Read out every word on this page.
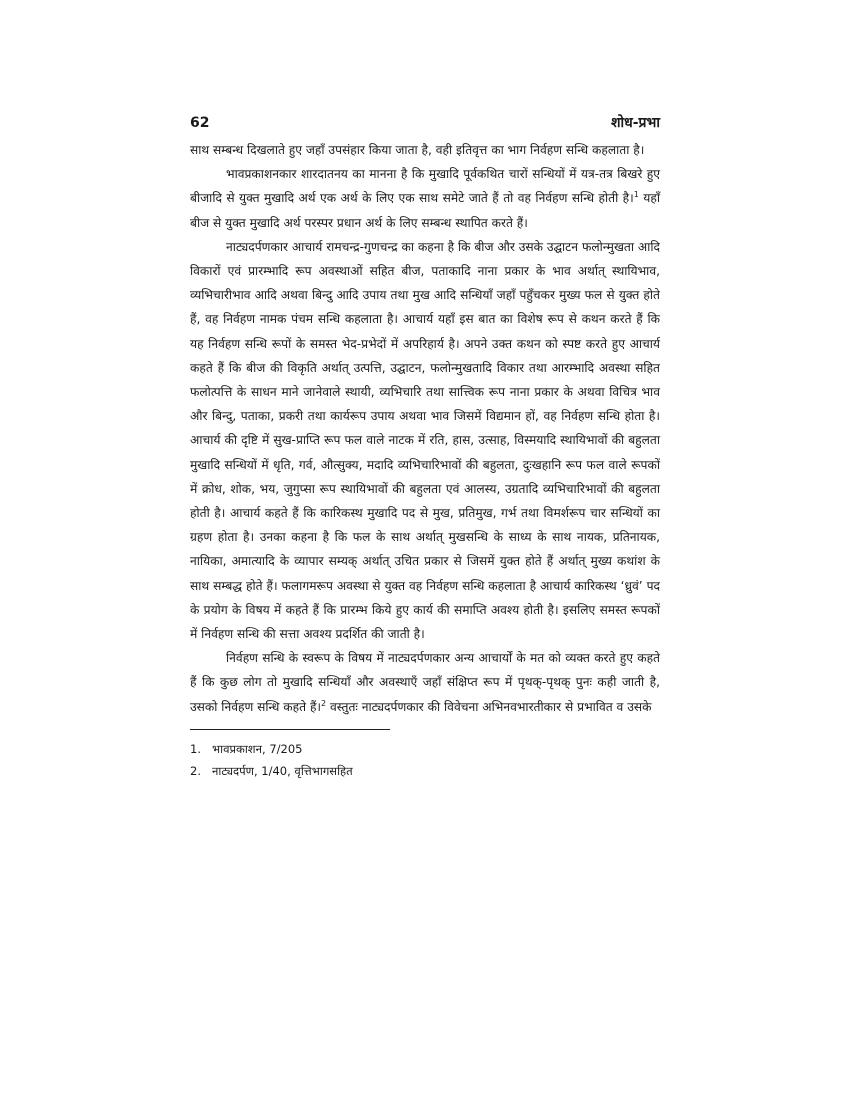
62	शोध-प्रभा

साथ सम्बन्ध दिखलाते हुए जहाँ उपसंहार किया जाता है, वही इतिवृत्त का भाग निर्वहण सन्धि कहलाता है।

भावप्रकाशनकार शारदातनय का मानना है कि मुखादि पूर्वकथित चारों सन्धियों में यत्र-तत्र बिखरे हुए बीजादि से युक्त मुखादि अर्थ एक अर्थ के लिए एक साथ समेटे जाते हैं तो वह निर्वहण सन्धि होती है।$^1$ यहाँ बीज से युक्त मुखादि अर्थ परस्पर प्रधान अर्थ के लिए सम्बन्ध स्थापित करते हैं।

नाट्यदर्पणकार आचार्य रामचन्द्र-गुणचन्द्र का कहना है कि बीज और उसके उद्घाटन फलोन्मुखता आदि विकारों एवं प्रारम्भादि रूप अवस्थाओं सहित बीज, पताकादि नाना प्रकार के भाव अर्थात् स्थायिभाव, व्यभिचारीभाव आदि अथवा बिन्दु आदि उपाय तथा मुख आदि सन्धियाँ जहाँ पहुँचकर मुख्य फल से युक्त होते हैं, वह निर्वहण नामक पंचम सन्धि कहलाता है। आचार्य यहाँ इस बात का विशेष रूप से कथन करते हैं कि यह निर्वहण सन्धि रूपों के समस्त भेद-प्रभेदों में अपरिहार्य है। अपने उक्त कथन को स्पष्ट करते हुए आचार्य कहते हैं कि बीज की विकृति अर्थात् उत्पत्ति, उद्घाटन, फलोन्मुखतादि विकार तथा आरम्भादि अवस्था सहित फलोत्पत्ति के साधन माने जानेवाले स्थायी, व्यभिचारि तथा सात्त्विक रूप नाना प्रकार के अथवा विचित्र भाव और बिन्दु, पताका, प्रकरी तथा कार्यरूप उपाय अथवा भाव जिसमें विद्यमान हों, वह निर्वहण सन्धि होता है। आचार्य की दृष्टि में सुख-प्राप्ति रूप फल वाले नाटक में रति, हास, उत्साह, विस्मयादि स्थायिभावों की बहुलता मुखादि सन्धियों में धृति, गर्व, औत्सुक्य, मदादि व्यभिचारिभावों की बहुलता, दुःखहानि रूप फल वाले रूपकों में क्रोध, शोक, भय, जुगुप्सा रूप स्थायिभावों की बहुलता एवं आलस्य, उग्रतादि व्यभिचारिभावों की बहुलता होती है। आचार्य कहते हैं कि कारिकस्थ मुखादि पद से मुख, प्रतिमुख, गर्भ तथा विमर्शरूप चार सन्धियों का ग्रहण होता है। उनका कहना है कि फल के साथ अर्थात् मुखसन्धि के साध्य के साथ नायक, प्रतिनायक, नायिका, अमात्यादि के व्यापार सम्यक् अर्थात् उचित प्रकार से जिसमें युक्त होते हैं अर्थात् मुख्य कथांश के साथ सम्बद्ध होते हैं। फलागमरूप अवस्था से युक्त वह निर्वहण सन्धि कहलाता है आचार्य कारिकस्थ ‘ध्रुवं’ पद के प्रयोग के विषय में कहते हैं कि प्रारम्भ किये हुए कार्य की समाप्ति अवश्य होती है। इसलिए समस्त रूपकों में निर्वहण सन्धि की सत्ता अवश्य प्रदर्शित की जाती है।

निर्वहण सन्धि के स्वरूप के विषय में नाट्यदर्पणकार अन्य आचार्यों के मत को व्यक्त करते हुए कहते हैं कि कुछ लोग तो मुखादि सन्धियाँ और अवस्थाएँ जहाँ संक्षिप्त रूप में पृथक्-पृथक् पुनः कही जाती है, उसको निर्वहण सन्धि कहते हैं।$^2$ वस्तुतः नाट्यदर्पणकार की विवेचना अभिनवभारतीकार से प्रभावित व उसके

1. भावप्रकाशन, 7/205
2. नाट्यदर्पण, 1/40, वृत्तिभागसहित
